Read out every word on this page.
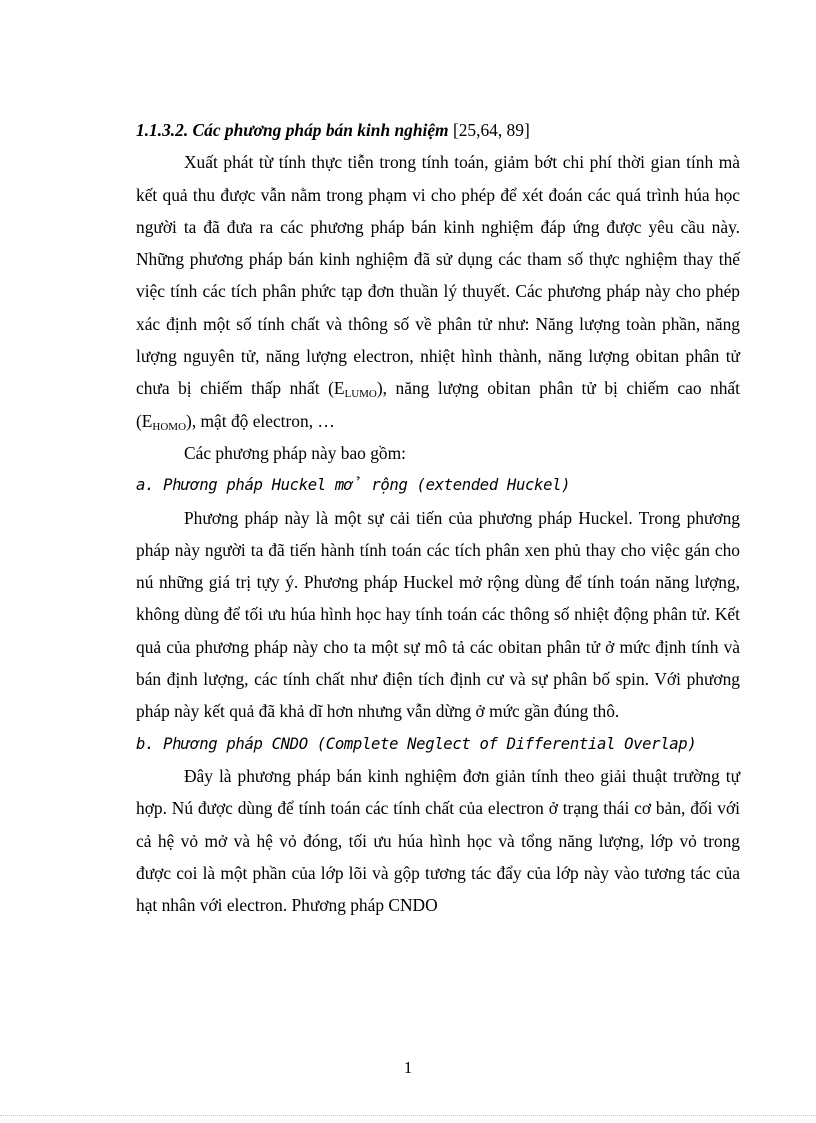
1.1.3.2. Các phương pháp bán kinh nghiệm [25,64, 89]

Xuất phát từ tính thực tiễn trong tính toán, giảm bớt chi phí thời gian tính mà kết quả thu được vẫn nằm trong phạm vi cho phép để xét đoán các quá trình húa học người ta đã đưa ra các phương pháp bán kinh nghiệm đáp ứng được yêu cầu này. Những phương pháp bán kinh nghiệm đã sử dụng các tham số thực nghiệm thay thế việc tính các tích phân phức tạp đơn thuần lý thuyết. Các phương pháp này cho phép xác định một số tính chất và thông số về phân tử như: Năng lượng toàn phần, năng lượng nguyên tử, năng lượng electron, nhiệt hình thành, năng lượng obitan phân tử chưa bị chiếm thấp nhất $(E_{LUMO})$, năng lượng obitan phân tử bị chiếm cao nhất $(E_{HOMO})$, mật độ electron, …

Các phương pháp này bao gồm:

a. Phương pháp Huckel mở rộng (extended Huckel)

Phương pháp này là một sự cải tiến của phương pháp Huckel. Trong phương pháp này người ta đã tiến hành tính toán các tích phân xen phủ thay cho việc gán cho nú những giá trị tựy ý. Phương pháp Huckel mở rộng dùng để tính toán năng lượng, không dùng để tối ưu húa hình học hay tính toán các thông số nhiệt động phân tử. Kết quả của phương pháp này cho ta một sự mô tả các obitan phân tử ở mức định tính và bán định lượng, các tính chất như điện tích định cư và sự phân bố spin. Với phương pháp này kết quả đã khả dĩ hơn nhưng vẫn dừng ở mức gần đúng thô.

b. Phương pháp CNDO (Complete Neglect of Differential Overlap)

Đây là phương pháp bán kinh nghiệm đơn giản tính theo giải thuật trường tự hợp. Nú được dùng để tính toán các tính chất của electron ở trạng thái cơ bản, đối với cả hệ vỏ mở và hệ vỏ đóng, tối ưu húa hình học và tổng năng lượng, lớp vỏ trong được coi là một phần của lớp lõi và gộp tương tác đẩy của lớp này vào tương tác của hạt nhân với electron. Phương pháp CNDO

1
